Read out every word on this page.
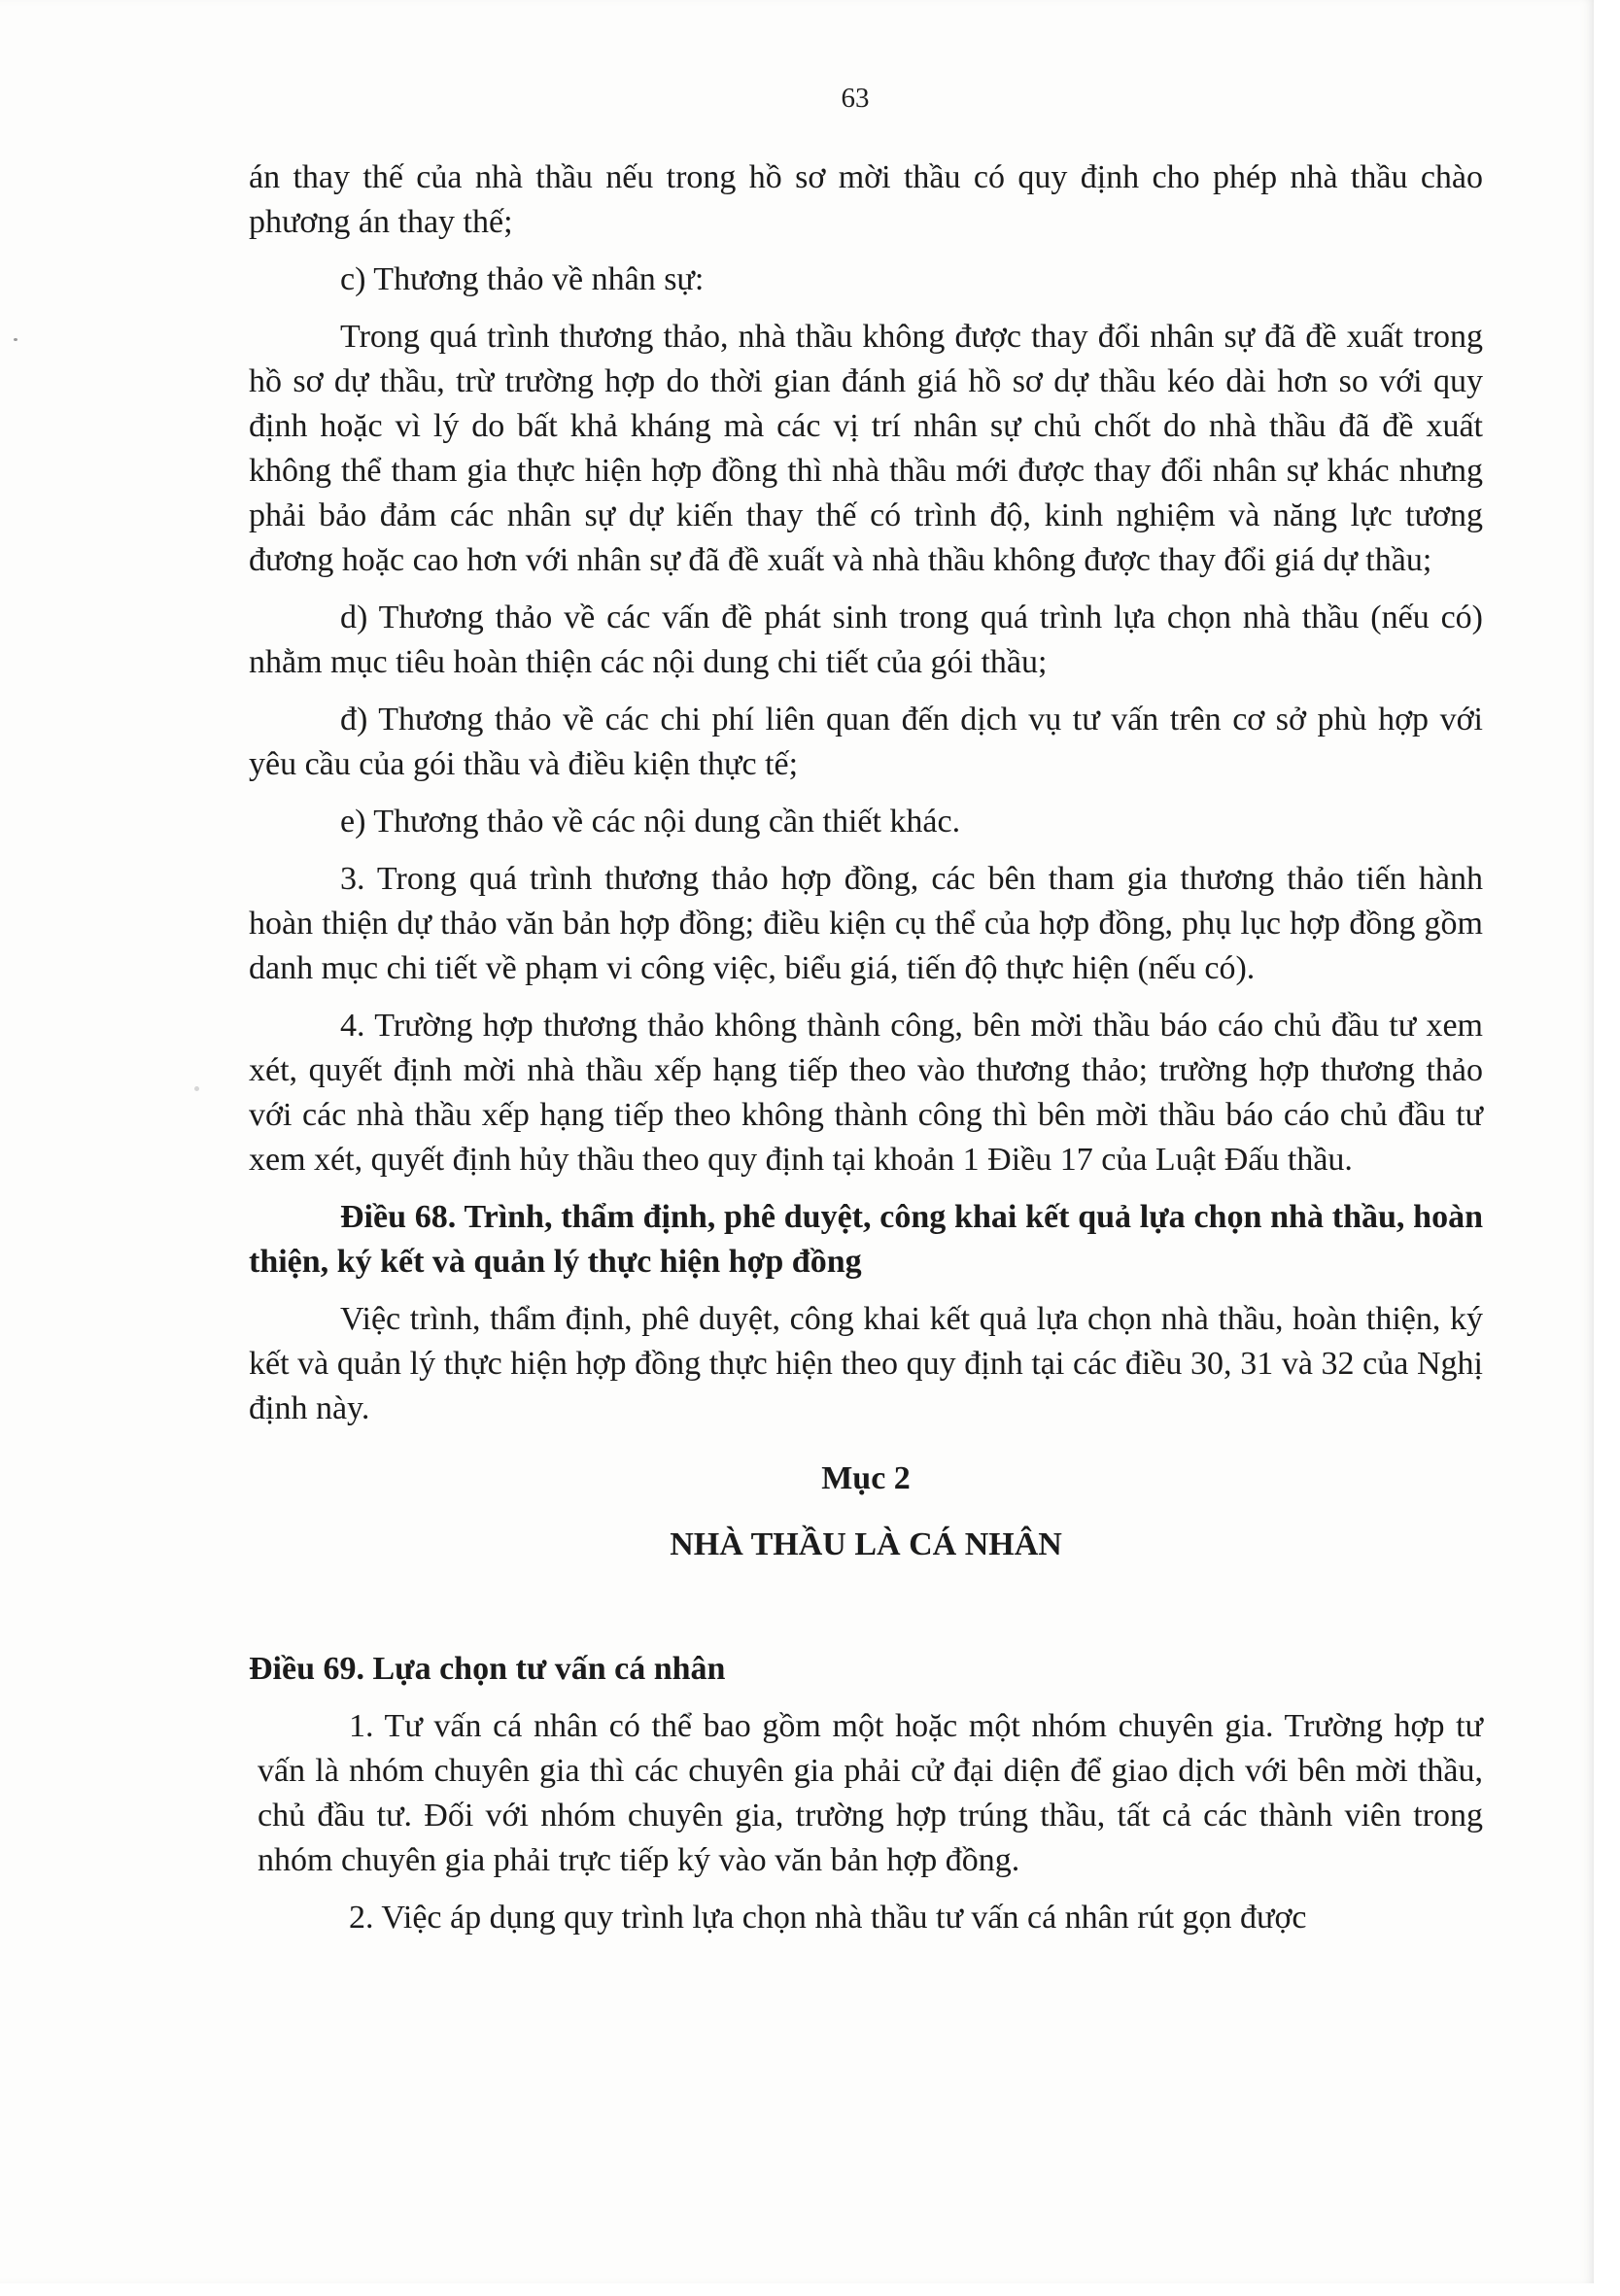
63

án thay thế của nhà thầu nếu trong hồ sơ mời thầu có quy định cho phép nhà thầu chào phương án thay thế;

c) Thương thảo về nhân sự:

Trong quá trình thương thảo, nhà thầu không được thay đổi nhân sự đã đề xuất trong hồ sơ dự thầu, trừ trường hợp do thời gian đánh giá hồ sơ dự thầu kéo dài hơn so với quy định hoặc vì lý do bất khả kháng mà các vị trí nhân sự chủ chốt do nhà thầu đã đề xuất không thể tham gia thực hiện hợp đồng thì nhà thầu mới được thay đổi nhân sự khác nhưng phải bảo đảm các nhân sự dự kiến thay thế có trình độ, kinh nghiệm và năng lực tương đương hoặc cao hơn với nhân sự đã đề xuất và nhà thầu không được thay đổi giá dự thầu;

d) Thương thảo về các vấn đề phát sinh trong quá trình lựa chọn nhà thầu (nếu có) nhằm mục tiêu hoàn thiện các nội dung chi tiết của gói thầu;

đ) Thương thảo về các chi phí liên quan đến dịch vụ tư vấn trên cơ sở phù hợp với yêu cầu của gói thầu và điều kiện thực tế;

e) Thương thảo về các nội dung cần thiết khác.

3. Trong quá trình thương thảo hợp đồng, các bên tham gia thương thảo tiến hành hoàn thiện dự thảo văn bản hợp đồng; điều kiện cụ thể của hợp đồng, phụ lục hợp đồng gồm danh mục chi tiết về phạm vi công việc, biểu giá, tiến độ thực hiện (nếu có).

4. Trường hợp thương thảo không thành công, bên mời thầu báo cáo chủ đầu tư xem xét, quyết định mời nhà thầu xếp hạng tiếp theo vào thương thảo; trường hợp thương thảo với các nhà thầu xếp hạng tiếp theo không thành công thì bên mời thầu báo cáo chủ đầu tư xem xét, quyết định hủy thầu theo quy định tại khoản 1 Điều 17 của Luật Đấu thầu.

Điều 68. Trình, thẩm định, phê duyệt, công khai kết quả lựa chọn nhà thầu, hoàn thiện, ký kết và quản lý thực hiện hợp đồng

Việc trình, thẩm định, phê duyệt, công khai kết quả lựa chọn nhà thầu, hoàn thiện, ký kết và quản lý thực hiện hợp đồng thực hiện theo quy định tại các điều 30, 31 và 32 của Nghị định này.

Mục 2

NHÀ THẦU LÀ CÁ NHÂN

Điều 69. Lựa chọn tư vấn cá nhân

1. Tư vấn cá nhân có thể bao gồm một hoặc một nhóm chuyên gia. Trường hợp tư vấn là nhóm chuyên gia thì các chuyên gia phải cử đại diện để giao dịch với bên mời thầu, chủ đầu tư. Đối với nhóm chuyên gia, trường hợp trúng thầu, tất cả các thành viên trong nhóm chuyên gia phải trực tiếp ký vào văn bản hợp đồng.

2. Việc áp dụng quy trình lựa chọn nhà thầu tư vấn cá nhân rút gọn được
